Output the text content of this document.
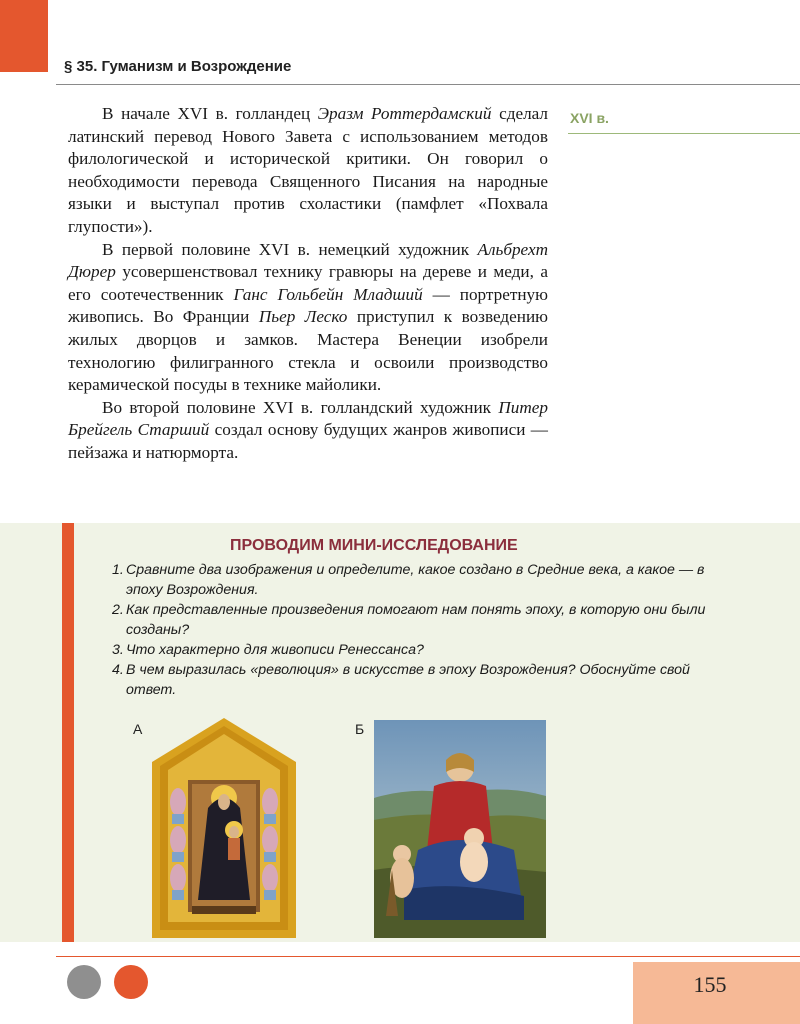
§ 35. Гуманизм и Возрождение

В начале XVI в. голландец Эразм Роттердамский сделал латинский перевод Нового Завета с использованием методов филологической и исторической критики. Он говорил о необходимости перевода Священного Писания на народные языки и выступал против схоластики (памфлет «Похвала глупости»).

В первой половине XVI в. немецкий художник Альбрехт Дюрер усовершенствовал технику гравюры на дереве и меди, а его соотечественник Ганс Гольбейн Младший — портретную живопись. Во Франции Пьер Леско приступил к возведению жилых дворцов и замков. Мастера Венеции изобрели технологию филигранного стекла и освоили производство керамической посуды в технике майолики.

Во второй половине XVI в. голландский художник Питер Брейгель Старший создал основу будущих жанров живописи — пейзажа и натюрморта.

XVI в.
ПРОВОДИМ МИНИ-ИССЛЕДОВАНИЕ
1. Сравните два изображения и определите, какое создано в Средние века, а какое — в эпоху Возрождения.
2. Как представленные произведения помогают нам понять эпоху, в которую они были созданы?
3. Что характерно для живописи Ренессанса?
4. В чем выразилась «революция» в искусстве в эпоху Возрождения? Обоснуйте свой ответ.
А	Б
155
